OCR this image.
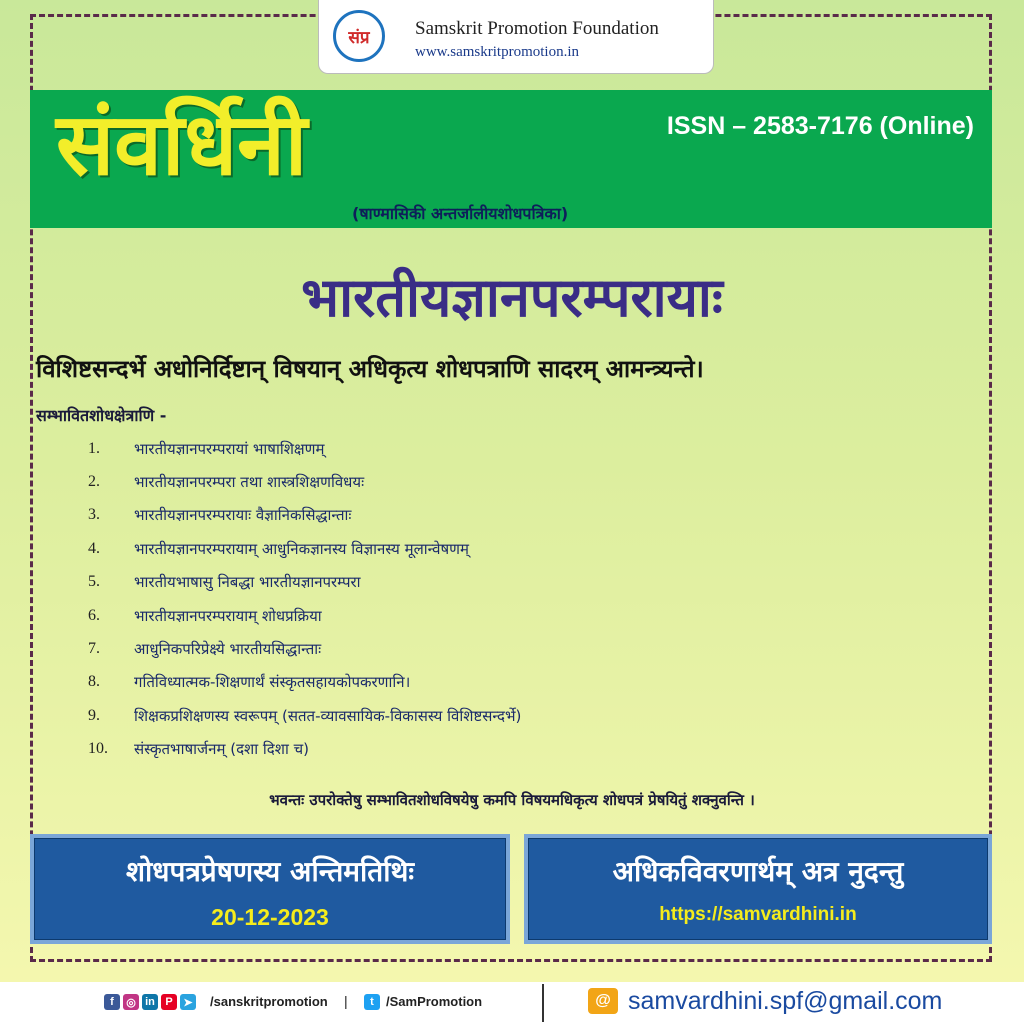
संप्र	Samskrit Promotion Foundation
www.samskritpromotion.in
संवर्धिनी	ISSN – 2583-7176 (Online)
(षाण्मासिकी अन्तर्जालीयशोधपत्रिका)
भारतीयज्ञानपरम्परायाः
विशिष्टसन्दर्भे अधोनिर्दिष्टान् विषयान् अधिकृत्य शोधपत्राणि सादरम् आमन्त्र्यन्ते।
सम्भावितशोधक्षेत्राणि -
1.	भारतीयज्ञानपरम्परायां भाषाशिक्षणम्
2.	भारतीयज्ञानपरम्परा तथा शास्त्रशिक्षणविधयः
3.	भारतीयज्ञानपरम्परायाः वैज्ञानिकसिद्धान्ताः
4.	भारतीयज्ञानपरम्परायाम् आधुनिकज्ञानस्य विज्ञानस्य मूलान्वेषणम्
5.	भारतीयभाषासु निबद्धा भारतीयज्ञानपरम्परा
6.	भारतीयज्ञानपरम्परायाम् शोधप्रक्रिया
7.	आधुनिकपरिप्रेक्ष्ये भारतीयसिद्धान्ताः
8.	गतिविध्यात्मक-शिक्षणार्थं संस्कृतसहायकोपकरणानि।
9.	शिक्षकप्रशिक्षणस्य स्वरूपम् (सतत-व्यावसायिक-विकासस्य विशिष्टसन्दर्भे)
10.	संस्कृतभाषार्जनम् (दशा दिशा च)
भवन्तः उपरोक्तेषु सम्भावितशोधविषयेषु कमपि विषयमधिकृत्य शोधपत्रं प्रेषयितुं शक्नुवन्ति ।
शोधपत्रप्रेषणस्य अन्तिमतिथिः
20-12-2023
अधिकविवरणार्थम् अत्र नुदन्तु
https://samvardhini.in
f	◎ in P ➤ /sanskritpromotion |	t /SamPromotion	@ samvardhini.spf@gmail.com
